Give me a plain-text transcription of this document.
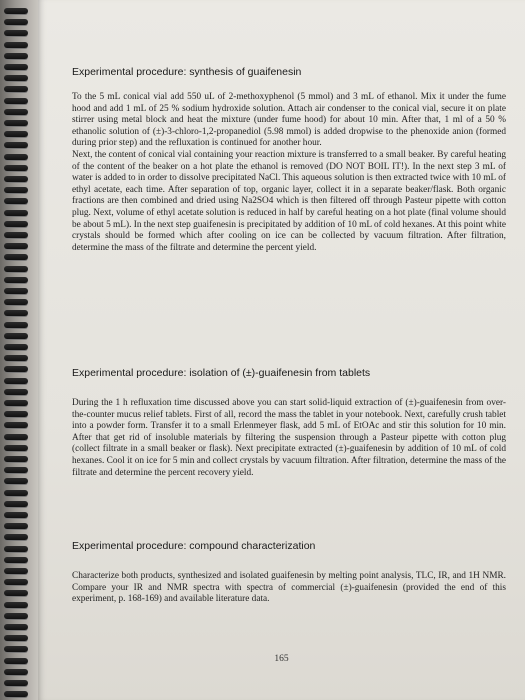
Experimental procedure: synthesis of guaifenesin

To the 5 mL conical vial add 550 uL of 2-methoxyphenol (5 mmol) and 3 mL of ethanol. Mix it under the fume hood and add 1 mL of 25 % sodium hydroxide solution. Attach air condenser to the conical vial, secure it on plate stirrer using metal block and heat the mixture (under fume hood) for about 10 min. After that, 1 ml of a 50 % ethanolic solution of (±)-3-chloro-1,2-propanediol (5.98 mmol) is added dropwise to the phenoxide anion (formed during prior step) and the refluxation is continued for another hour.

Next, the content of conical vial containing your reaction mixture is transferred to a small beaker. By careful heating of the content of the beaker on a hot plate the ethanol is removed (DO NOT BOIL IT!). In the next step 3 mL of water is added to in order to dissolve precipitated NaCl. This aqueous solution is then extracted twice with 10 mL of ethyl acetate, each time. After separation of top, organic layer, collect it in a separate beaker/flask. Both organic fractions are then combined and dried using Na2SO4 which is then filtered off through Pasteur pipette with cotton plug. Next, volume of ethyl acetate solution is reduced in half by careful heating on a hot plate (final volume should be about 5 mL). In the next step guaifenesin is precipitated by addition of 10 mL of cold hexanes. At this point white crystals should be formed which after cooling on ice can be collected by vacuum filtration. After filtration, determine the mass of the filtrate and determine the percent yield.

Experimental procedure: isolation of (±)-guaifenesin from tablets

During the 1 h refluxation time discussed above you can start solid-liquid extraction of (±)-guaifenesin from over-the-counter mucus relief tablets. First of all, record the mass the tablet in your notebook. Next, carefully crush tablet into a powder form. Transfer it to a small Erlenmeyer flask, add 5 mL of EtOAc and stir this solution for 10 min. After that get rid of insoluble materials by filtering the suspension through a Pasteur pipette with cotton plug (collect filtrate in a small beaker or flask). Next precipitate extracted (±)-guaifenesin by addition of 10 mL of cold hexanes. Cool it on ice for 5 min and collect crystals by vacuum filtration. After filtration, determine the mass of the filtrate and determine the percent recovery yield.

Experimental procedure: compound characterization

Characterize both products, synthesized and isolated guaifenesin by melting point analysis, TLC, IR, and 1H NMR. Compare your IR and NMR spectra with spectra of commercial (±)-guaifenesin (provided the end of this experiment, p. 168-169) and available literature data.

165
